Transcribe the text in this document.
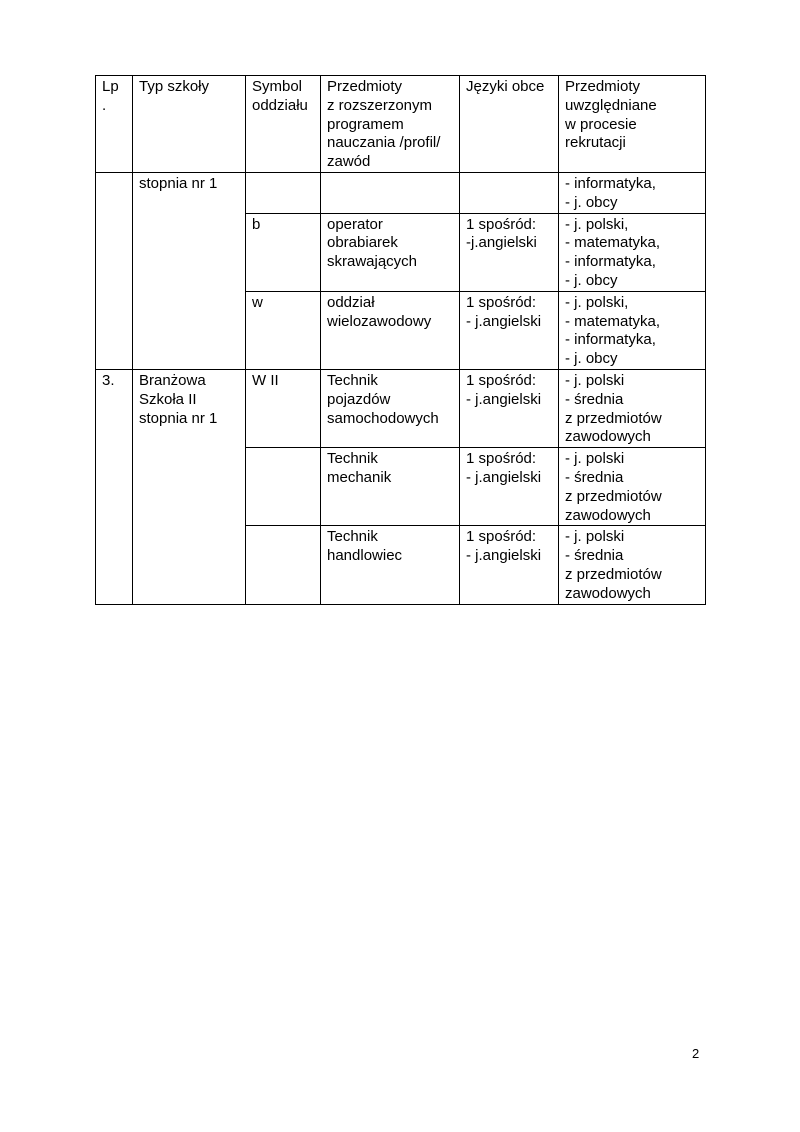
Lp
.	Typ szkoły	Symbol
oddziału	Przedmioty
z rozszerzonym
programem
nauczania /profil/
zawód	Języki obce	Przedmioty
uwzględniane
w procesie
rekrutacji
	stopnia nr 1				- informatyka,
- j. obcy
		b	operator
obrabiarek
skrawających	1 spośród:
-j.angielski	- j. polski,
- matematyka,
- informatyka,
- j. obcy
		w	oddział
wielozawodowy	1 spośród:
- j.angielski	- j. polski,
- matematyka,
- informatyka,
- j. obcy
3.	Branżowa
Szkoła II
stopnia nr 1	W II	Technik
pojazdów
samochodowych	1 spośród:
- j.angielski	- j. polski
- średnia
z przedmiotów
zawodowych
			Technik
mechanik	1 spośród:
- j.angielski	- j. polski
- średnia
z przedmiotów
zawodowych
			Technik
handlowiec	1 spośród:
- j.angielski	- j. polski
- średnia
z przedmiotów
zawodowych
2
